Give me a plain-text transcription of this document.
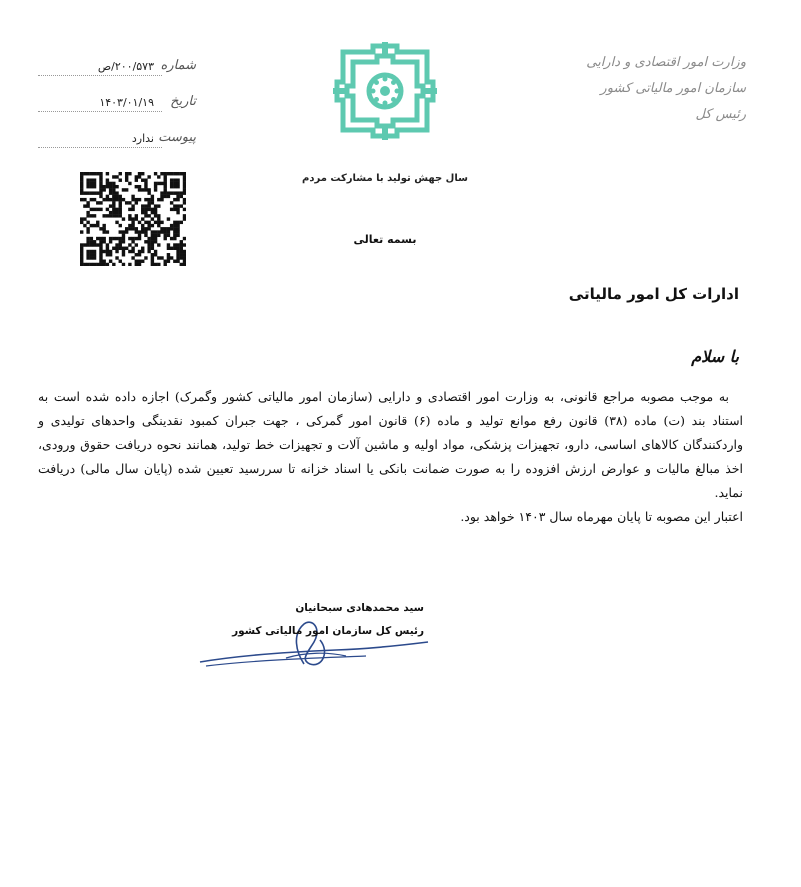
وزارت امور اقتصادی و دارایی
سازمان امور مالیاتی کشور
رئیس کل
شماره
۲۰۰/۵۷۳/ص
تاریخ
۱۴۰۳/۰۱/۱۹
پیوست
ندارد
سال جهش تولید با مشارکت مردم
بسمه تعالی
ادارات کل امور مالیاتی
با سلام

به موجب مصوبه مراجع قانونی، به وزارت امور اقتصادی و دارایی (سازمان امور مالیاتی کشور وگمرک) اجازه داده شده است به استناد بند (ت) ماده (۳۸) قانون رفع موانع تولید و ماده (۶) قانون امور گمرکی ، جهت جبران کمبود نقدینگی واحدهای تولیدی و واردکنندگان کالاهای اساسی، دارو، تجهیزات پزشکی، مواد اولیه و ماشین آلات و تجهیزات خط تولید، همانند نحوه دریافت حقوق ورودی، اخذ مبالغ مالیات و عوارض ارزش افزوده را به صورت ضمانت بانکی یا اسناد خزانه تا سررسید تعیین شده (پایان سال مالی) دریافت نماید.

اعتبار این مصوبه تا پایان مهرماه سال ۱۴۰۳ خواهد بود.

سید محمدهادی سبحانیان
رئیس کل سازمان امور مالیاتی کشور
